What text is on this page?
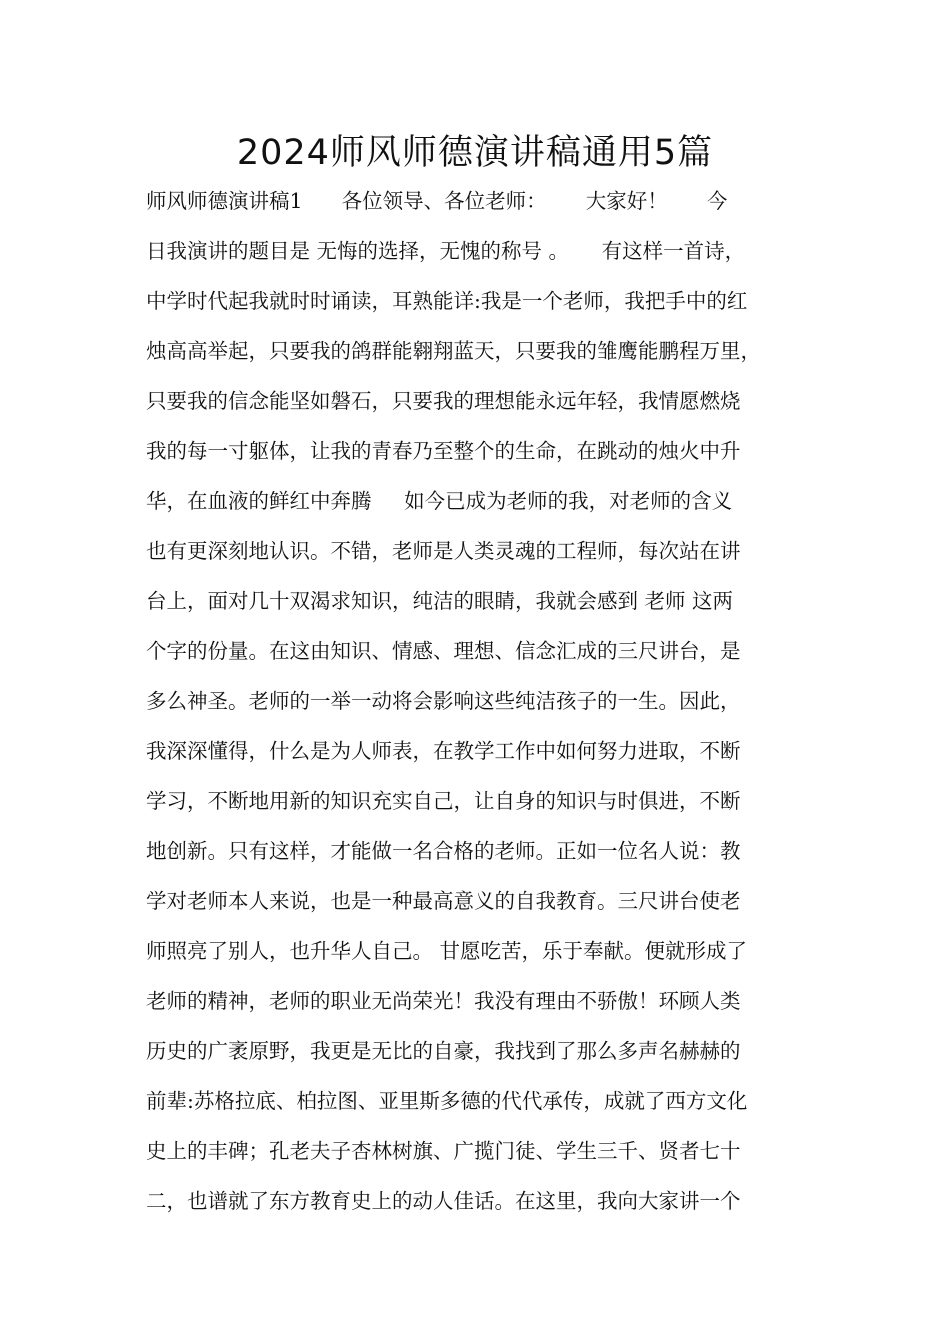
2024师风师德演讲稿通用5篇
师风师德演讲稿1      各位领导、各位老师：      大家好！      今
日我演讲的题目是 无悔的选择，无愧的称号 。     有这样一首诗，
中学时代起我就时时诵读，耳熟能详:我是一个老师，我把手中的红
烛高高举起，只要我的鸽群能翱翔蓝天，只要我的雏鹰能鹏程万里，
只要我的信念能坚如磐石，只要我的理想能永远年轻，我情愿燃烧
我的每一寸躯体，让我的青春乃至整个的生命，在跳动的烛火中升
华，在血液的鲜红中奔腾     如今已成为老师的我，对老师的含义
也有更深刻地认识。不错，老师是人类灵魂的工程师，每次站在讲
台上，面对几十双渴求知识，纯洁的眼睛，我就会感到 老师 这两
个字的份量。在这由知识、情感、理想、信念汇成的三尺讲台，是
多么神圣。老师的一举一动将会影响这些纯洁孩子的一生。因此，
我深深懂得，什么是为人师表，在教学工作中如何努力进取，不断
学习，不断地用新的知识充实自己，让自身的知识与时俱进，不断
地创新。只有这样，才能做一名合格的老师。正如一位名人说：教
学对老师本人来说，也是一种最高意义的自我教育。三尺讲台使老
师照亮了别人，也升华人自己。 甘愿吃苦，乐于奉献。便就形成了
老师的精神，老师的职业无尚荣光！我没有理由不骄傲！环顾人类
历史的广袤原野，我更是无比的自豪，我找到了那么多声名赫赫的
前辈:苏格拉底、柏拉图、亚里斯多德的代代承传，成就了西方文化
史上的丰碑；孔老夫子杏林树旗、广揽门徒、学生三千、贤者七十
二，也谱就了东方教育史上的动人佳话。在这里，我向大家讲一个
